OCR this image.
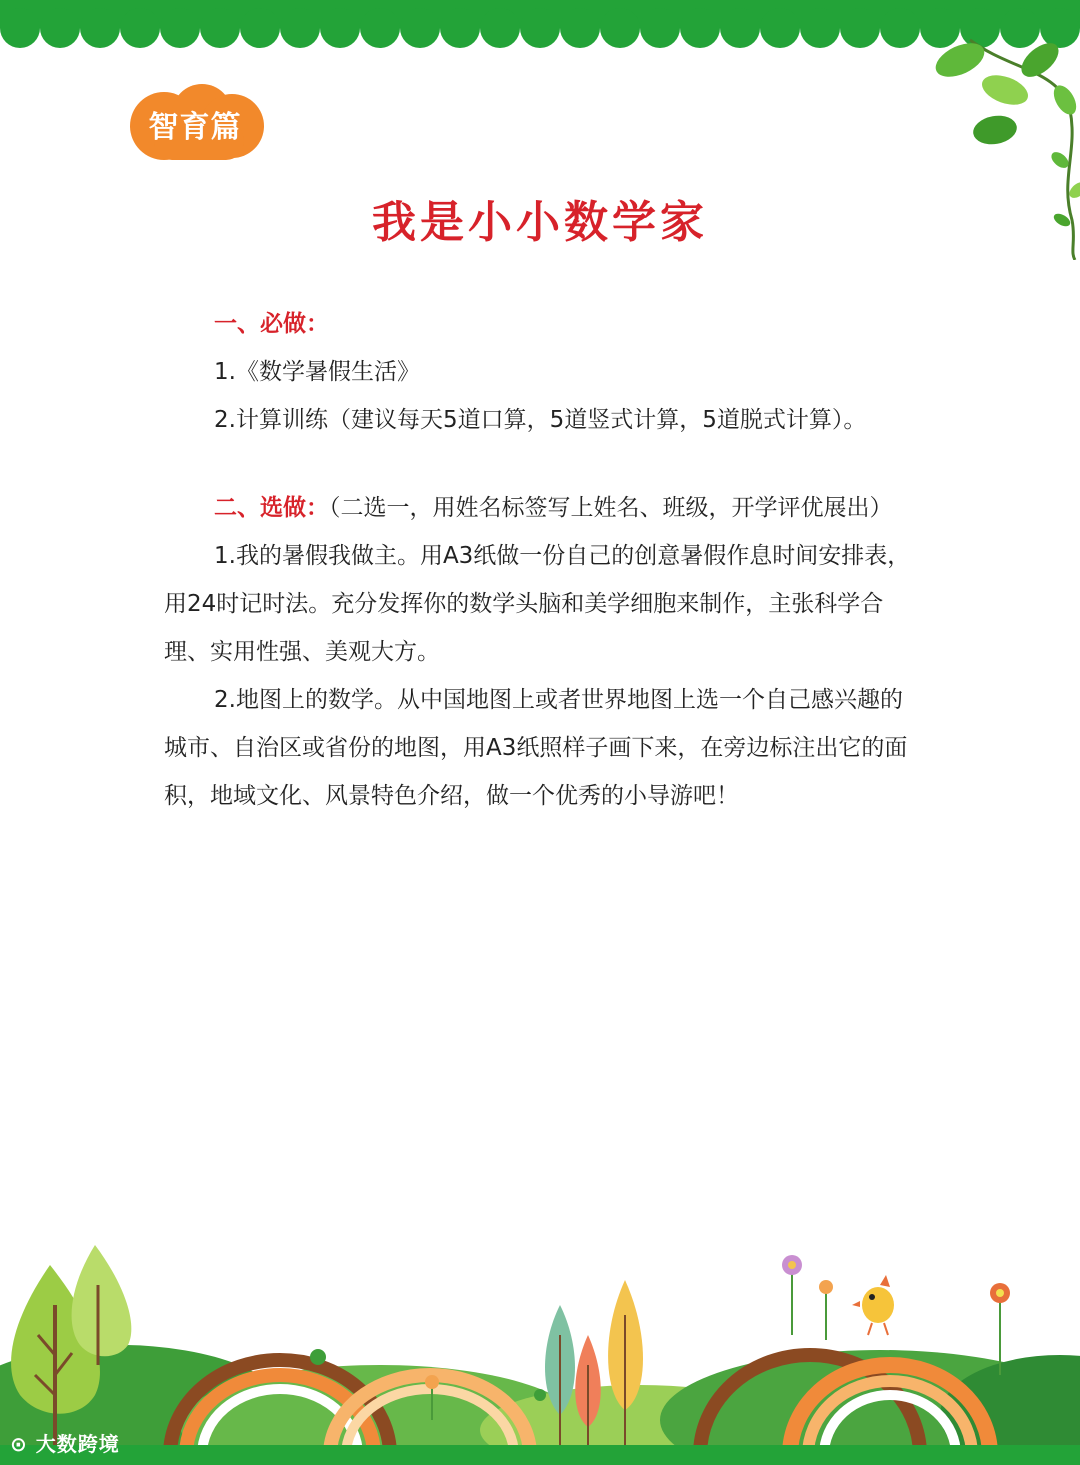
智育篇
我是小小数学家

一、必做：

1.《数学暑假生活》

2.计算训练（建议每天5道口算，5道竖式计算，5道脱式计算）。

二、选做：（二选一，用姓名标签写上姓名、班级，开学评优展出）

1.我的暑假我做主。用A3纸做一份自己的创意暑假作息时间安排表，用24时记时法。充分发挥你的数学头脑和美学细胞来制作，主张科学合理、实用性强、美观大方。

2.地图上的数学。从中国地图上或者世界地图上选一个自己感兴趣的城市、自治区或省份的地图，用A3纸照样子画下来，在旁边标注出它的面积，地域文化、风景特色介绍，做一个优秀的小导游吧！

⊙ 大数跨境
